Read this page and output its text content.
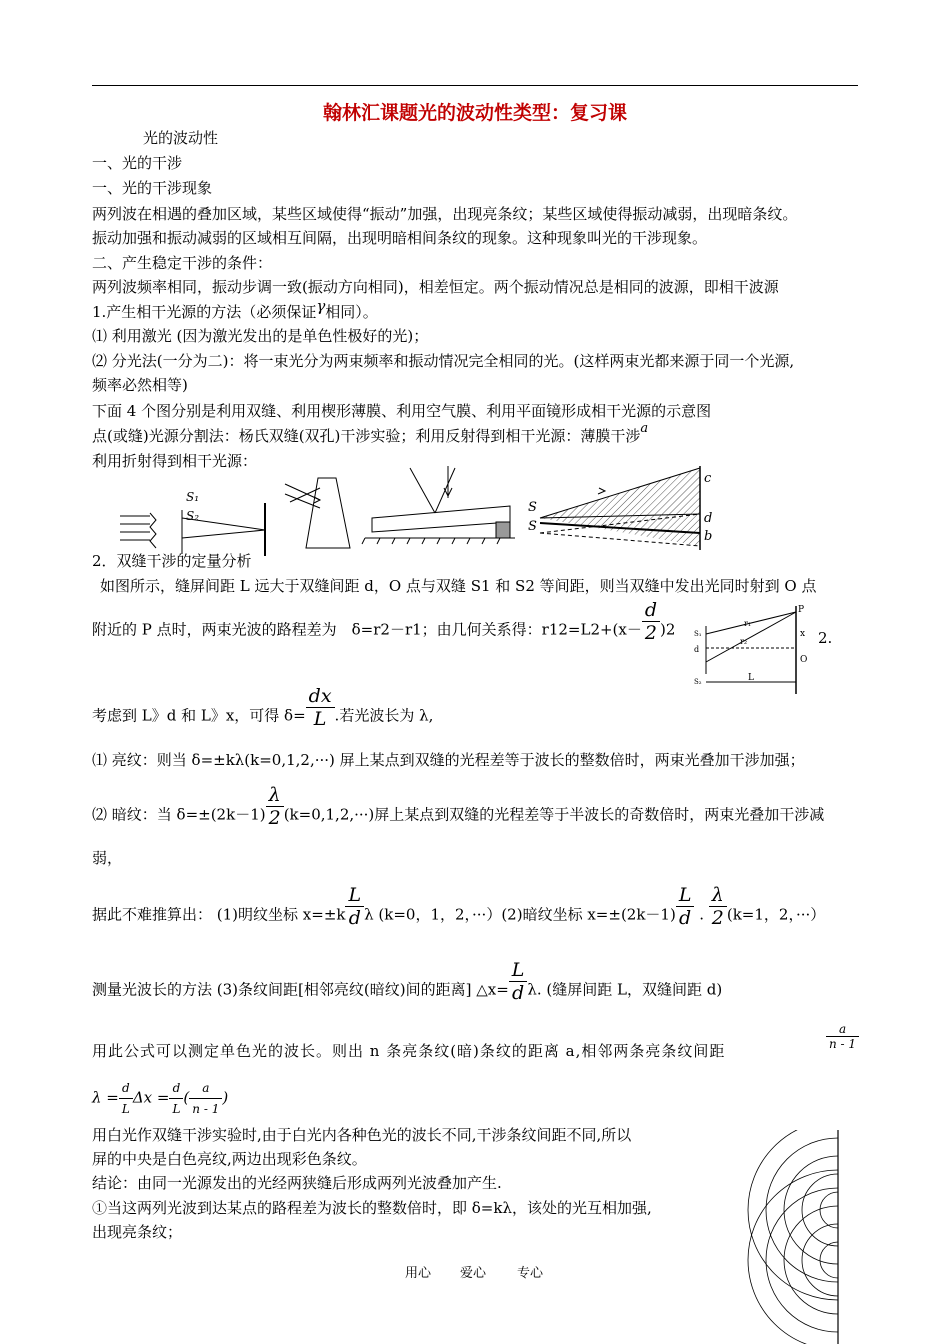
翰林汇课题光的波动性类型：复习课
光的波动性
一、光的干涉
一、光的干涉现象
两列波在相遇的叠加区域，某些区域使得“振动”加强，出现亮条纹；某些区域使得振动减弱，出现暗条纹。
振动加强和振动减弱的区域相互间隔，出现明暗相间条纹的现象。这种现象叫光的干涉现象。
二、产生稳定干涉的条件：
两列波频率相同，振动步调一致(振动方向相同)，相差恒定。两个振动情况总是相同的波源，即相干波源
1.产生相干光源的方法（必须保证γ相同）。
⑴ 利用激光 (因为激光发出的是单色性极好的光)；
⑵ 分光法(一分为二)：将一束光分为两束频率和振动情况完全相同的光。(这样两束光都来源于同一个光源,
频率必然相等)
下面 4 个图分别是利用双缝、利用楔形薄膜、利用空气膜、利用平面镜形成相干光源的示意图
点(或缝)光源分割法：杨氏双缝(双孔)干涉实验；利用反射得到相干光源：薄膜干涉a
利用折射得到相干光源：
S₁
S₂
S
S
c
d
b
2．双缝干涉的定量分析
如图所示，缝屏间距 L 远大于双缝间距 d，O 点与双缝 S1 和 S2 等间距，则当双缝中发出光同时射到 O 点
附近的 P 点时，两束光波的路程差为　δ=r2－r1；由几何关系得：$r12=L2+(x- \frac{d}{2} )2$	2.
P
x
O
L
r₁
r₂
d
S₁
S₂
考虑到 L》d 和 L》x，可得 $\delta= \frac{dx}{L}$ .若光波长为 λ,
⑴ 亮纹：则当 δ=±kλ(k=0,1,2,···) 屏上某点到双缝的光程差等于波长的整数倍时，两束光叠加干涉加强；
⑵ 暗纹：当 $\delta=\pm(2k-1) \frac{\lambda}{2} (k=0,1,2,\cdot\cdot\cdot)$屏上某点到双缝的光程差等于半波长的奇数倍时，两束光叠加干涉减
弱，
据此不难推算出： (1)明纹坐标 $x=\pm k \frac{L}{d}$ λ (k=0，1，2，···）(2)暗纹坐标 $x=\pm(2k-1) \frac{L}{d}$ . $\frac{\lambda}{2} (k=1$，2，···）
测量光波长的方法 (3)条纹间距[相邻亮纹(暗纹)间的距离] △x= $\frac{L}{d} \lambda$. (缝屏间距 L，双缝间距 d)
用此公式可以测定单色光的波长。则出 n 条亮条纹(暗)条纹的距离 a,相邻两条亮条纹间距	$\frac{a}{n - 1}$
$\lambda = \frac{d}{L}$ $\Delta x = \frac{d}{L}$ ( $\frac{a}{n - 1}$ )
用白光作双缝干涉实验时,由于白光内各种色光的波长不同,干涉条纹间距不同,所以
屏的中央是白色亮纹,两边出现彩色条纹。
结论：由同一光源发出的光经两狭缝后形成两列光波叠加产生.
①当这两列光波到达某点的路程差为波长的整数倍时，即 δ=kλ，该处的光互相加强,
出现亮条纹；
用心 爱心 专心
